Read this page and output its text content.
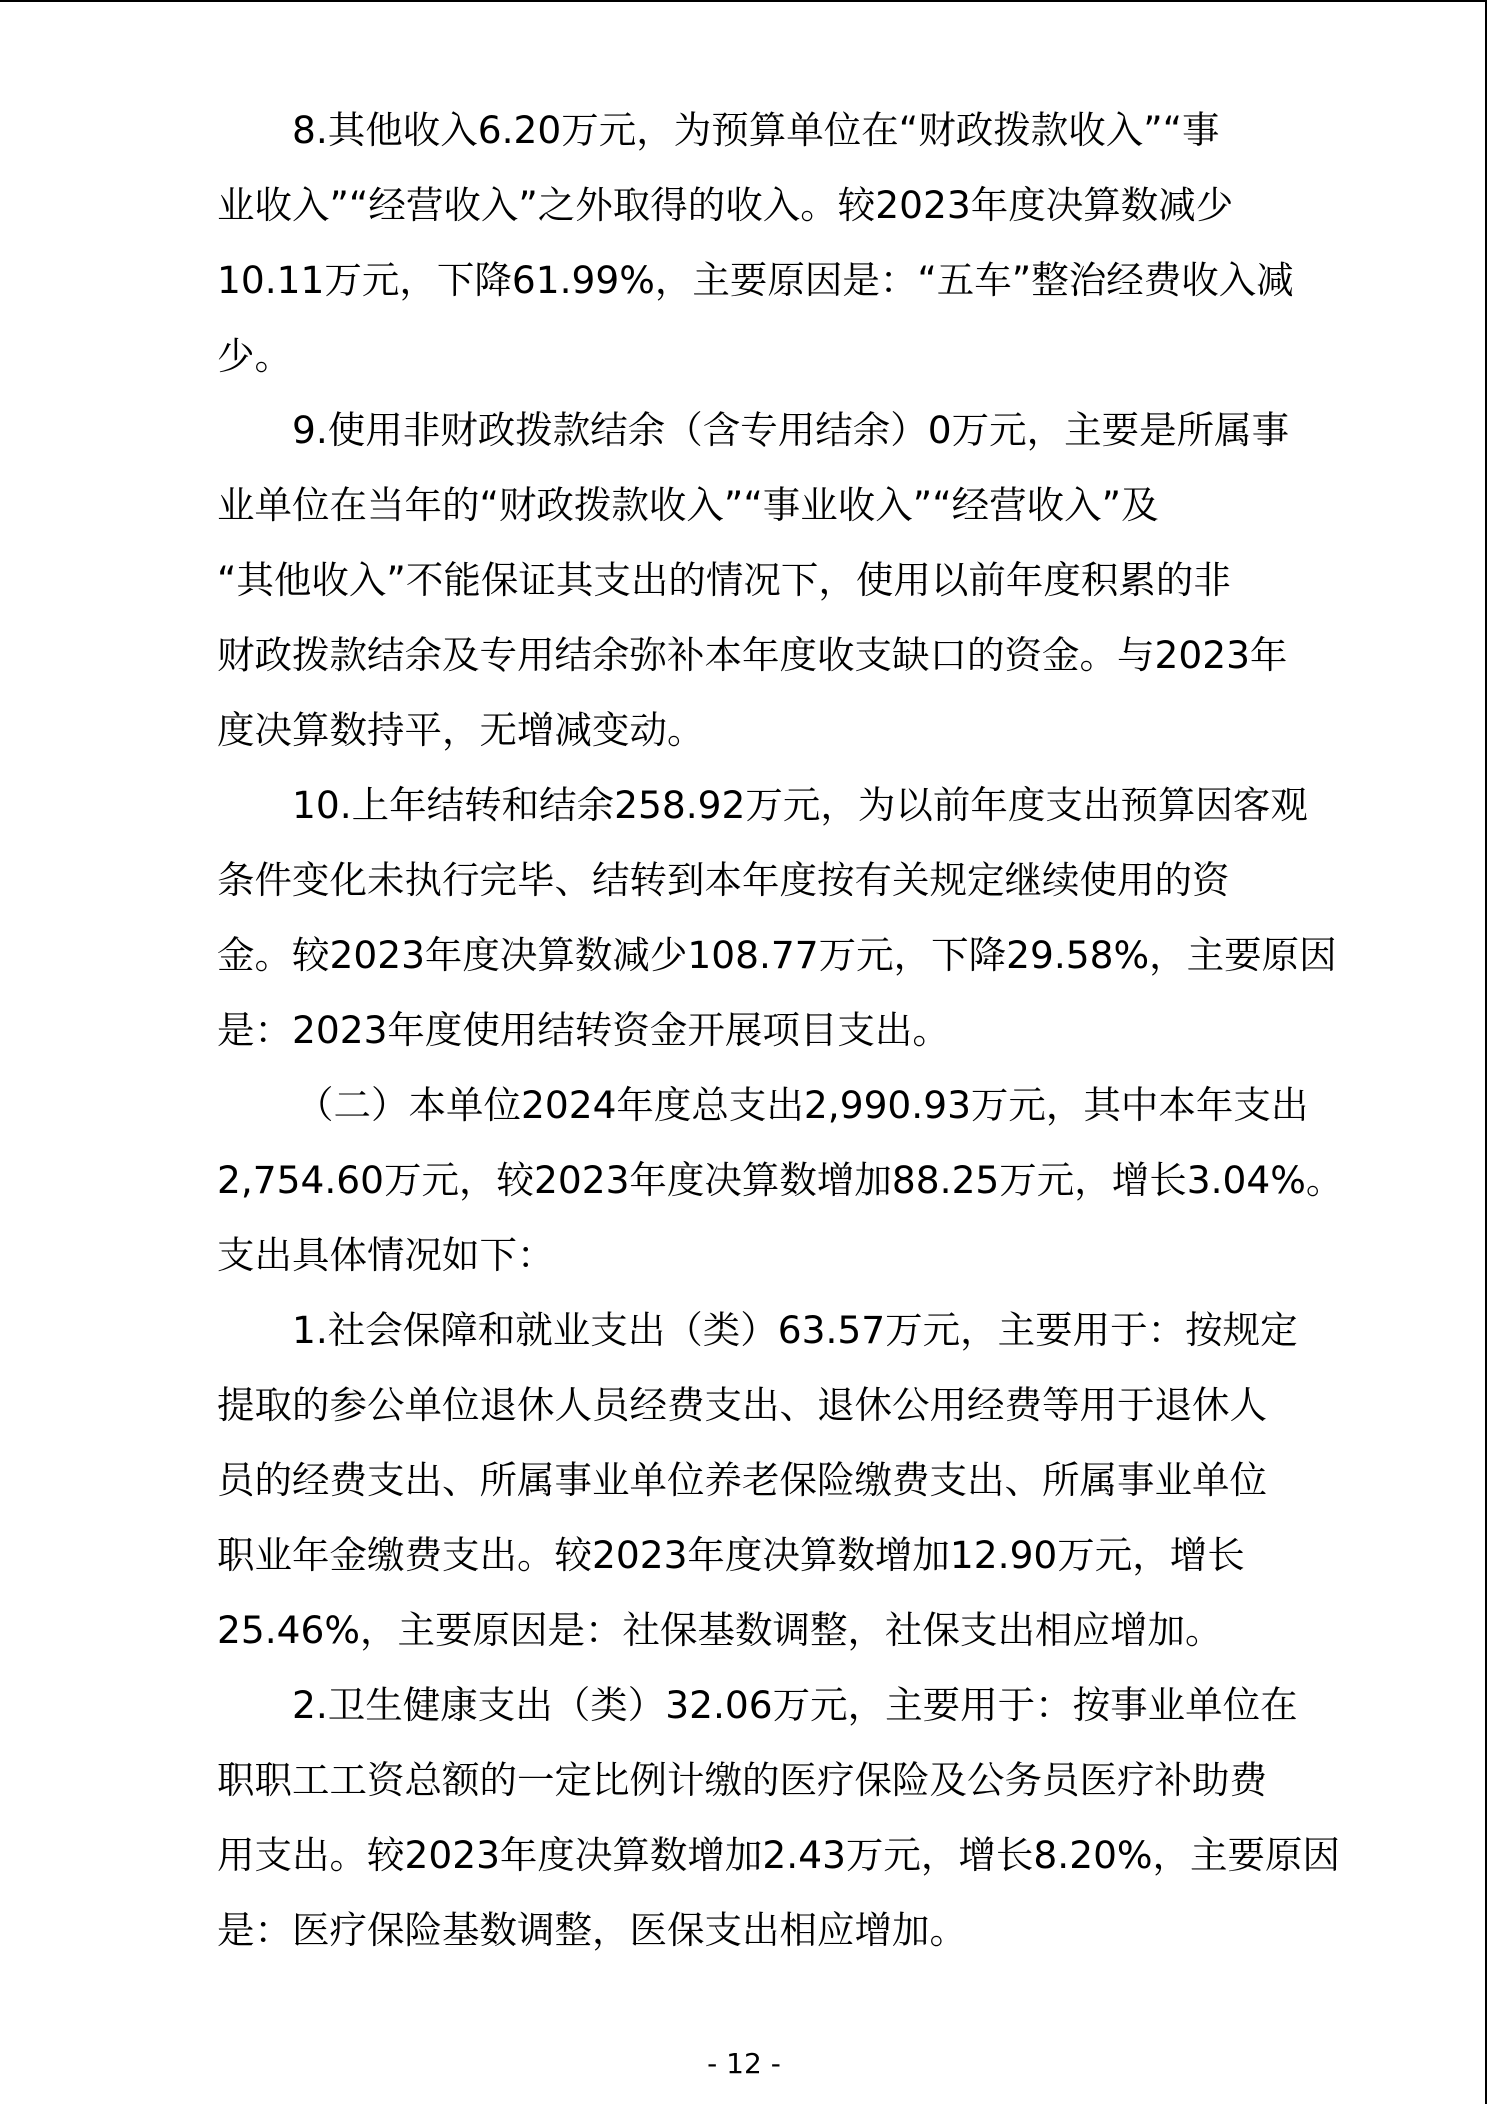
8.其他收入6.20万元，为预算单位在“财政拨款收入”“事
业收入”“经营收入”之外取得的收入。较2023年度决算数减少
10.11万元，下降61.99%，主要原因是：“五车”整治经费收入减
少。
9.使用非财政拨款结余（含专用结余）0万元，主要是所属事
业单位在当年的“财政拨款收入”“事业收入”“经营收入”及
“其他收入”不能保证其支出的情况下，使用以前年度积累的非
财政拨款结余及专用结余弥补本年度收支缺口的资金。与2023年
度决算数持平，无增减变动。
10.上年结转和结余258.92万元，为以前年度支出预算因客观
条件变化未执行完毕、结转到本年度按有关规定继续使用的资
金。较2023年度决算数减少108.77万元，下降29.58%，主要原因
是：2023年度使用结转资金开展项目支出。
（二）本单位2024年度总支出2,990.93万元，其中本年支出
2,754.60万元，较2023年度决算数增加88.25万元，增长3.04%。
支出具体情况如下：
1.社会保障和就业支出（类）63.57万元，主要用于：按规定
提取的参公单位退休人员经费支出、退休公用经费等用于退休人
员的经费支出、所属事业单位养老保险缴费支出、所属事业单位
职业年金缴费支出。较2023年度决算数增加12.90万元，增长
25.46%，主要原因是：社保基数调整，社保支出相应增加。
2.卫生健康支出（类）32.06万元，主要用于：按事业单位在
职职工工资总额的一定比例计缴的医疗保险及公务员医疗补助费
用支出。较2023年度决算数增加2.43万元，增长8.20%，主要原因
是：医疗保险基数调整，医保支出相应增加。
- 12 -
